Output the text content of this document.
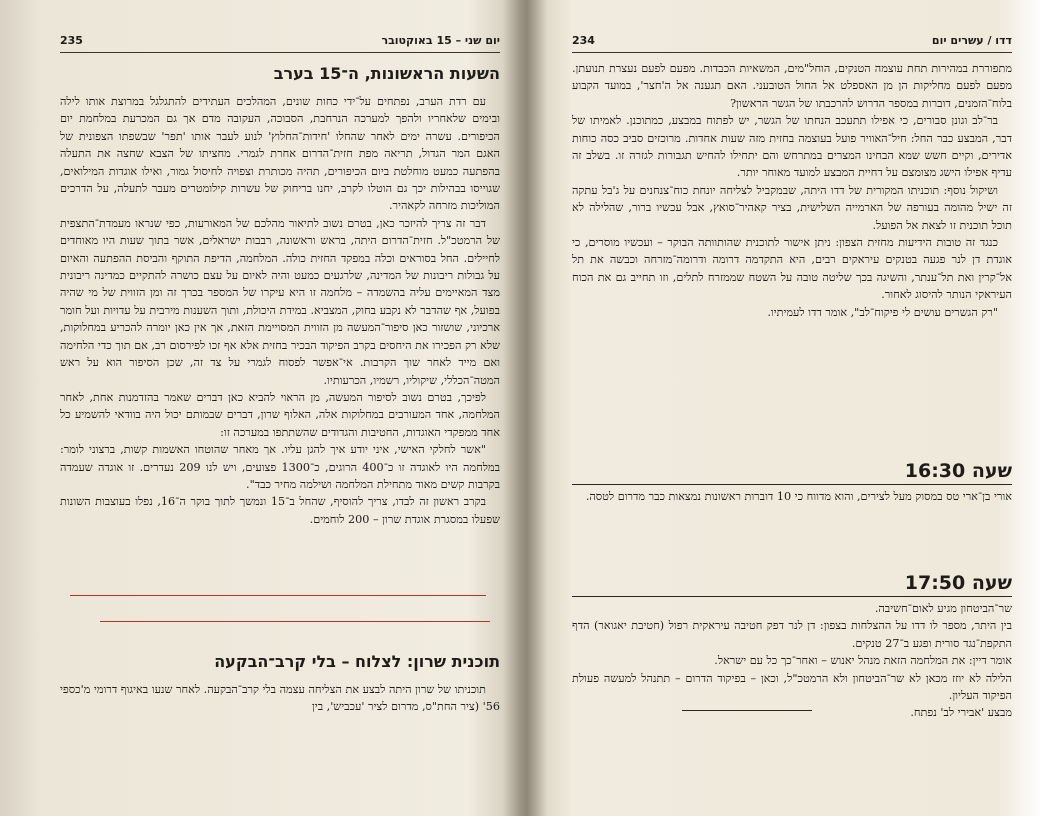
יום שני – 15 באוקטובר
235
השעות הראשונות, ה־15 בערב

עם רדת הערב, נפתחים על־ידי כחות שונים, המהלכים העתידים להתגלגל במרוצת אותו לילה ובימים שלאחריו ולהפך למערכה הנרחבת, הסבוכה, העקובה מדם אך גם המכרעת במלחמת יום הכיפורים. עשרה ימים לאחר שהחלו 'חידות־החלוץ' לנוע לעבר אותו 'תפר' שבשפתו הצפונית של האגם המר הגדול, תריאה מפת חזית־הדרום אחרת לגמרי. מחציתו של הצבא שחצה את התעלה בהפתעה כמעט מוחלטת ביום הכיפורים, תהיה מכותרת וצפויה לחיסול גמור, ואילו אוגדות המילואים, שגוייסו בבהילות יכך גם הוטלו לקרב, יחנו בריחוק של עשרות קילומטרים מעבר לתעלה, על הדרכים המוליכות מזרחה לקאהיר.

דבר זה צריך להיזכר כאן, בטרם נשוב לתיאור מהלכם של המאורעות, כפי שנראו מעמדת־התצפית של הרמטכ"ל. חזית־הדרום היתה, בראש וראשונה, רבבות ישראלים, אשר בתוך שעות היו מאוחדים לחיילים. החל בסוראים וכלה במפקד החזית כולה. המלחמה, הדיפת התוקף והביסת ההפתעה והאיום על גבולות ריבונות של המדינה, שלרגעים כמעט והיה לאיום על עצם כושרה להתקיים כמדינה ריבונית מצד המאיימים עליה בהשמדה – מלחמה זו היא עיקרו של המספר בכרך זה ומן הזווית של מי שהיה בפועל, אף שהדבר לא נקבע בחוק, המצביא. במידת היכולת, ותוך השענות מירבית על עדויות ועל חומר ארכיוני, שושזור כאן סיפור־המעשה מן הזווית המסויימת הזאת, אך אין כאן יומרה להכריע במחלוקות, שלא רק הפכירו את היחסים בקרב הפיקוד הבכיר בחזית אלא אף זכו לפירסום רב, אם תוך כדי הלחימה ואם מייד לאחר שוך הקרבות. אי־אפשר לפסוח לגמרי על צד זה, שכן הסיפור הוא על ראש המטה־הכללי, שיקוליו, רשמיו, הכרעותיו.

לפיכך, בטרם נשוב לסיפור המעשה, מן הראוי להביא כאן דברים שאמר בהזדמנות אחת, לאחר המלחמה, אחד המעורבים במחלוקות אלה, האלוף שרון, דברים שבמותם יכול היה בוודאי להשמיע כל אחד ממפקדי האוגדות, החטיבות והגדודים שהשתתפו במערכה זו:

"אשר לחלקי האישי, איני יודע איך להגן עליו. אך מאחר שהוטחו האשמות קשות, ברצוני לומר: במלחמה היו לאוגדה זו כ־400 הרוגים, כ־1300 פצועים, ויש לנו 209 נעדרים. זו אוגדה שעמדה בקרבות קשים מאוד מתחילת המלחמה ושילמה מחיר כבד".

בקרב ראשון זה לבדו, צריך להוסיף, שהחל ב־15 ונמשך לתוך בוקר ה־16, נפלו בעוצבות השונות שפעלו במסגרת אוגדת שרון – 200 לוחמים.

תוכנית שרון: לצלוח – בלי קרב־הבקעה

תוכניתו של שרון היתה לבצע את הצליחה עצמה בלי קרב־הבקעה. לאחר שנעו באיגוף דרומי מ'כספי 56' (ציר החת"ס, מדרום לציר 'עכביש', בין

דדו / עשרים יום
234

מתפוררת במהירות תחת עוצמה הטנקים, הוחל"מים, המשאיות הכבדות. מפעם לפעם נעצרת תנועתן. מפעם לפעם מחליקות הן מן האספלט אל החול הטובעני. האם תגענה אל ה'חצר', במועד הקבוע בלוח־הזמנים, דוברות במספר הדרוש להרכבתו של הגשר הראשון?

בר־לב וגונן סבורים, כי אפילו תתעכב הנחתו של הגשר, יש לפתוח במבצע, כמתוכנן. לאמיתו של דבר, המבצע כבר החל: חיל־האוויר פועל בעוצמה בחזית מזה שעות אחדות. מרוכזים סביב כסה כוחות אדירים, וקיים חשש שמא הבחינו המצרים במתרחש והם יתחילו להחיש תגבורות לגזרה זו. בשלב זה עדיף אפילו הישג מצומצם על דחיית המבצע למועד מאוחר יותר.

ושיקול נוסף: תוכניתו המקורית של דדו היתה, שבמקביל לצליחה יונחת כוח־צנחנים על ג'בל עתקה זה ישיל מהומה בעורפה של הארמייה השלישית, בציר קאהיר־סואץ, אבל עכשיו ברור, שהלילה לא תוכל תוכנית זו לצאת אל הפועל.

כנגד זה טובות הידיעות מחזית הצפון: ניתן אישור לתוכנית שהותוותה הבוקר – ועכשיו מוסרים, כי אוגדת דן לנר פגעה בטנקים עיראקים רבים, היא התקדמה דרומה ודרומה־מזרחה וכבשה את תל אל־קרין ואת תל־ענתר, והשיגה בכך שליטה טובה על השטח שממזרח לתלים, וזו תחייב גם את הכוח העיראקי הנותר להיסוג לאחור.

"רק הגשרים עושים לי פיקוח־לב", אומר דדו לעמיתיו.

שעה 16:30

אורי בן־ארי טס במסוק מעל לצירים, והוא מדווח כי 10 דוברות ראשונות נמצאות כבר מדרום לטסה.

שעה 17:50

שר־הביטחון מגיע לאום־חשיבה.

בין היתר, מספר לו דדו על ההצלחות בצפון: דן לנר דפק חטיבה עיראקית רפול (חטיבת יאגואר) הדף התקפת־נגד סורית ופגע ב־27 טנקים.

אומר דיין: את המלחמה הזאת מנהל יאנוש – ואחר־כך כל עם ישראל.

הלילה לא יוזז מכאן לא שר־הביטחון ולא הרמטכ"ל, וכאן – בפיקוד הדרום – תתנהל למעשה פעולת הפיקוד העליון.

מבצע 'אבירי לב' נפתח.
